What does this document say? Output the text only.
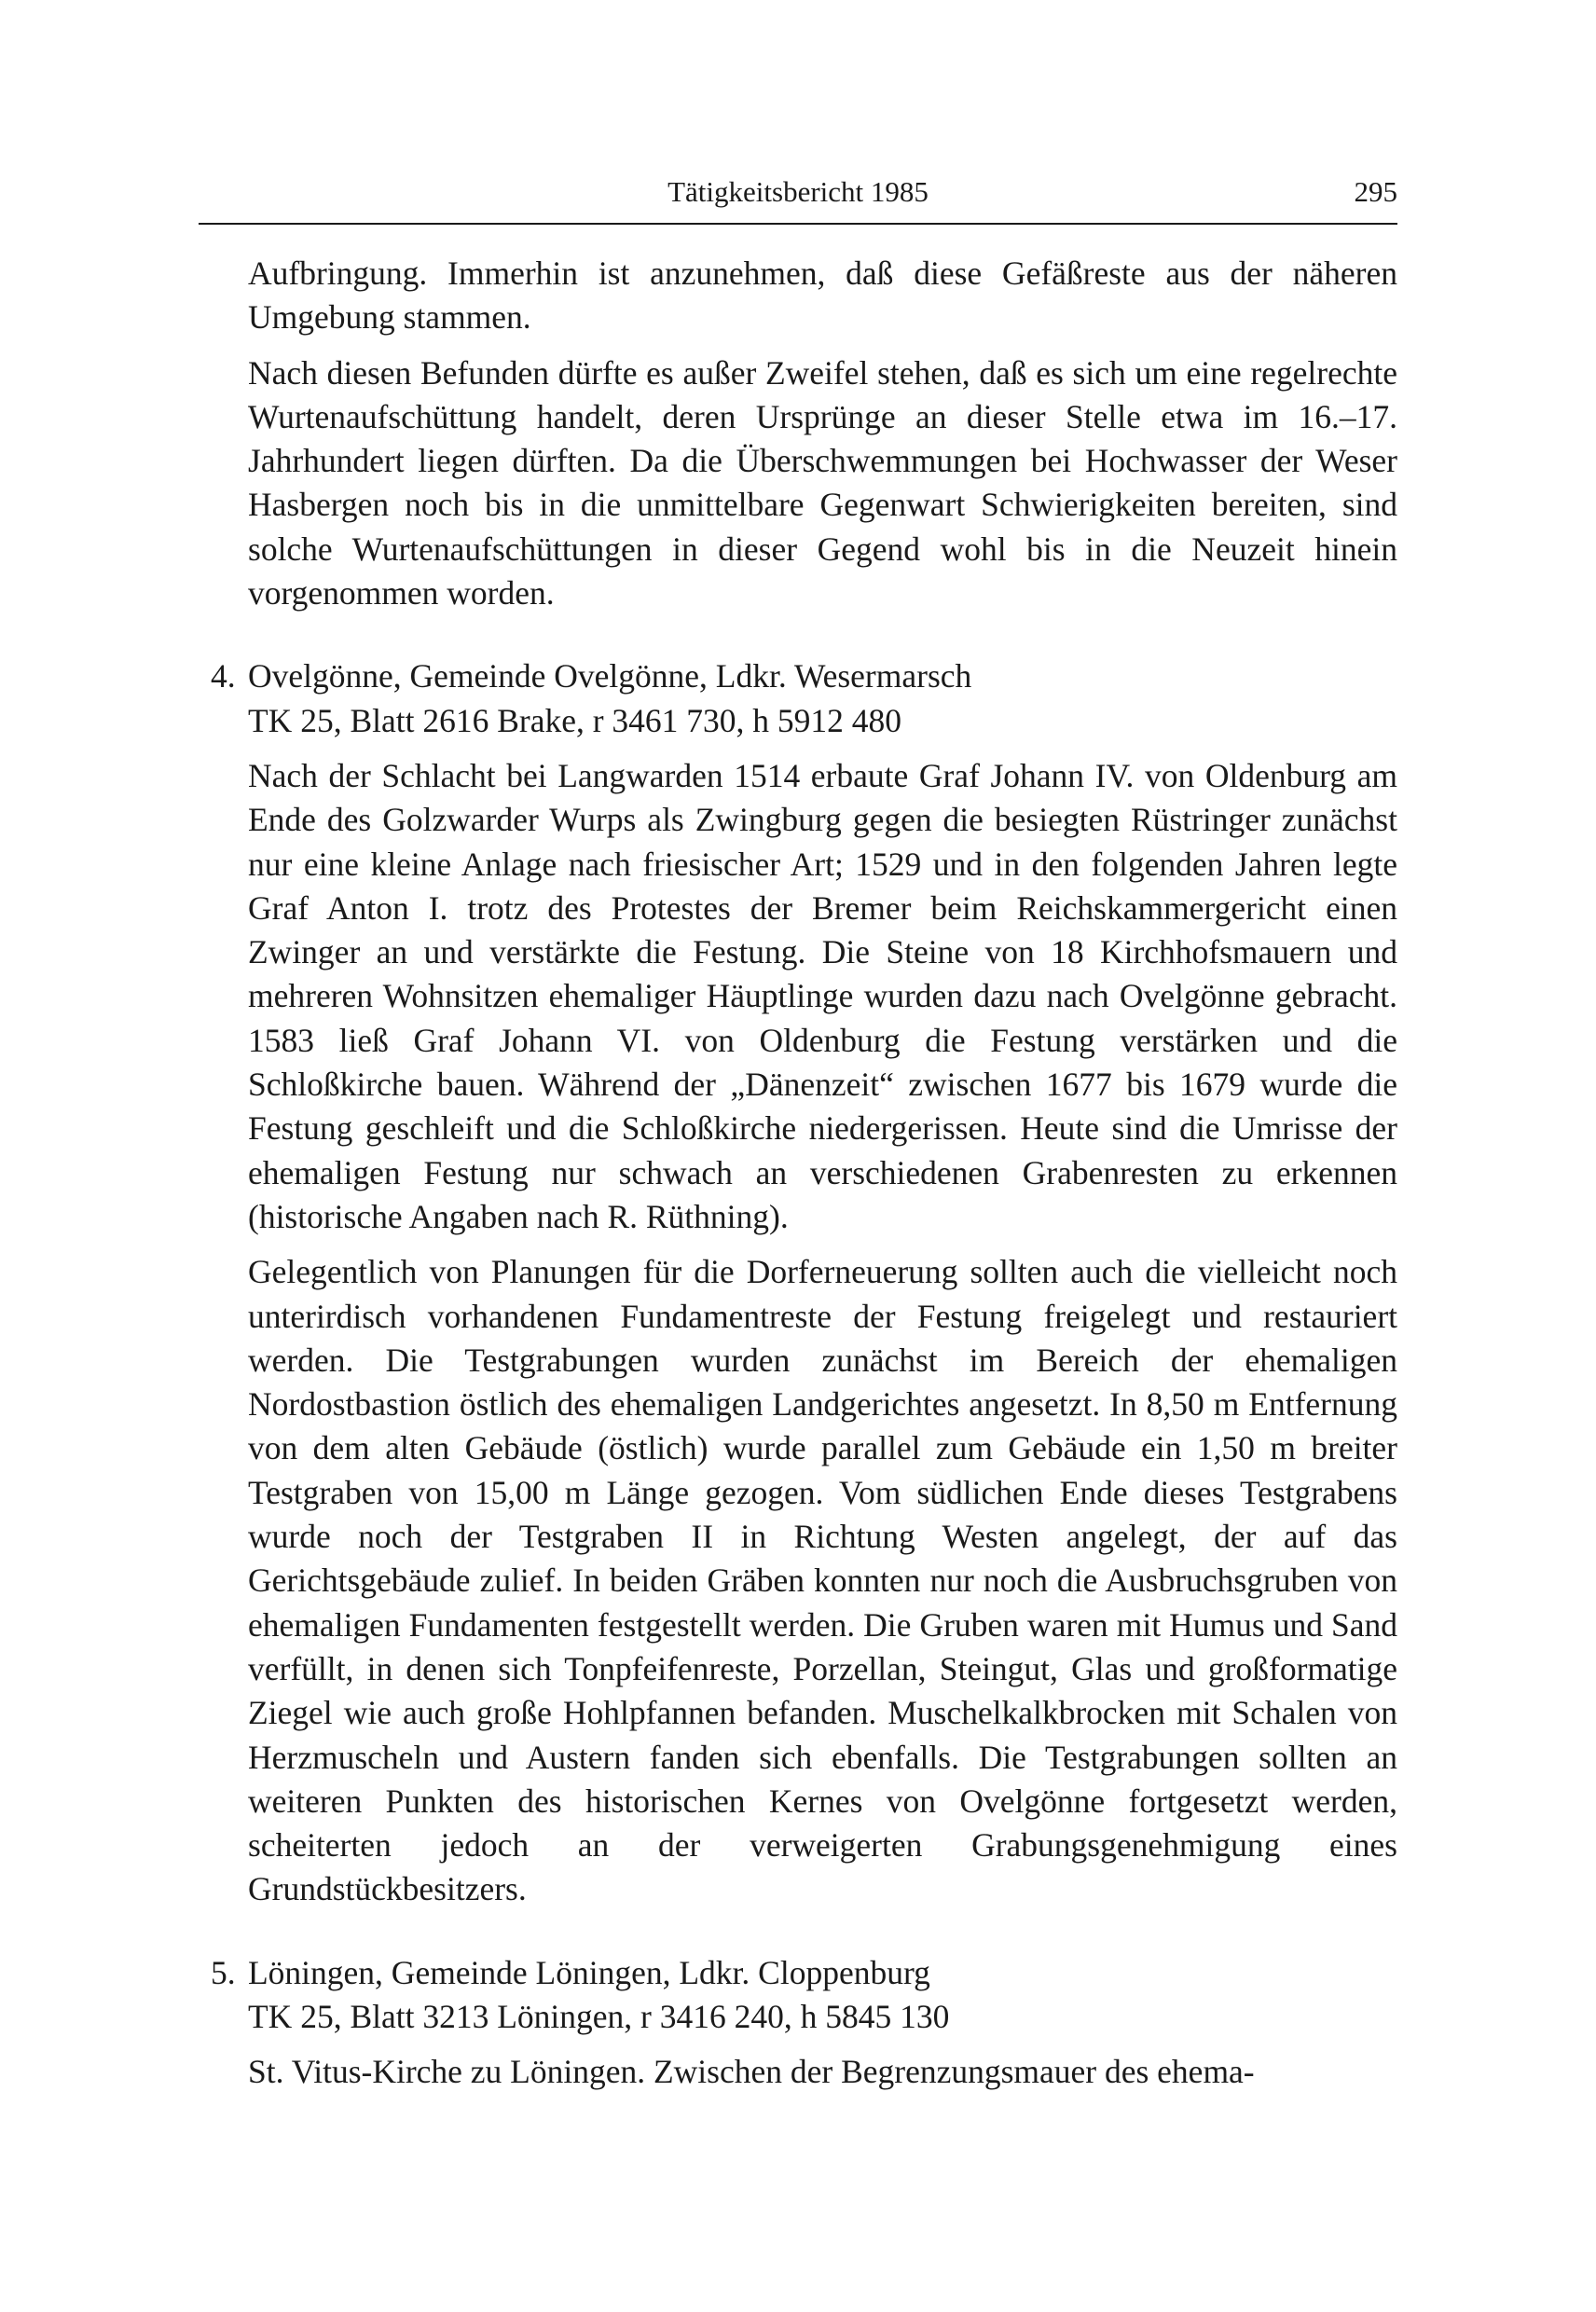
Tätigkeitsbericht 1985	295

Aufbringung. Immerhin ist anzunehmen, daß diese Gefäßreste aus der näheren Umgebung stammen.

Nach diesen Befunden dürfte es außer Zweifel stehen, daß es sich um eine regelrechte Wurtenaufschüttung handelt, deren Ursprünge an dieser Stelle etwa im 16.–17. Jahrhundert liegen dürften. Da die Überschwemmungen bei Hochwasser der Weser Hasbergen noch bis in die unmittelbare Gegenwart Schwierigkeiten bereiten, sind solche Wurtenaufschüttungen in dieser Gegend wohl bis in die Neuzeit hinein vorgenommen worden.

4. Ovelgönne, Gemeinde Ovelgönne, Ldkr. Wesermarsch

TK 25, Blatt 2616 Brake, r 3461 730, h 5912 480

Nach der Schlacht bei Langwarden 1514 erbaute Graf Johann IV. von Oldenburg am Ende des Golzwarder Wurps als Zwingburg gegen die besiegten Rüstringer zunächst nur eine kleine Anlage nach friesischer Art; 1529 und in den folgenden Jahren legte Graf Anton I. trotz des Protestes der Bremer beim Reichskammergericht einen Zwinger an und verstärkte die Festung. Die Steine von 18 Kirchhofsmauern und mehreren Wohnsitzen ehemaliger Häuptlinge wurden dazu nach Ovelgönne gebracht. 1583 ließ Graf Johann VI. von Oldenburg die Festung verstärken und die Schloßkirche bauen. Während der „Dänenzeit“ zwischen 1677 bis 1679 wurde die Festung geschleift und die Schloßkirche niedergerissen. Heute sind die Umrisse der ehemaligen Festung nur schwach an verschiedenen Grabenresten zu erkennen (historische Angaben nach R. Rüthning).

Gelegentlich von Planungen für die Dorferneuerung sollten auch die vielleicht noch unterirdisch vorhandenen Fundamentreste der Festung freigelegt und restauriert werden. Die Testgrabungen wurden zunächst im Bereich der ehemaligen Nordostbastion östlich des ehemaligen Landgerichtes angesetzt. In 8,50 m Entfernung von dem alten Gebäude (östlich) wurde parallel zum Gebäude ein 1,50 m breiter Testgraben von 15,00 m Länge gezogen. Vom südlichen Ende dieses Testgrabens wurde noch der Testgraben II in Richtung Westen angelegt, der auf das Gerichtsgebäude zulief. In beiden Gräben konnten nur noch die Ausbruchsgruben von ehemaligen Fundamenten festgestellt werden. Die Gruben waren mit Humus und Sand verfüllt, in denen sich Tonpfeifenreste, Porzellan, Steingut, Glas und großformatige Ziegel wie auch große Hohlpfannen befanden. Muschelkalkbrocken mit Schalen von Herzmuscheln und Austern fanden sich ebenfalls. Die Testgrabungen sollten an weiteren Punkten des historischen Kernes von Ovelgönne fortgesetzt werden, scheiterten jedoch an der verweigerten Grabungsgenehmigung eines Grundstückbesitzers.

5. Löningen, Gemeinde Löningen, Ldkr. Cloppenburg

TK 25, Blatt 3213 Löningen, r 3416 240, h 5845 130

St. Vitus-Kirche zu Löningen. Zwischen der Begrenzungsmauer des ehema-
